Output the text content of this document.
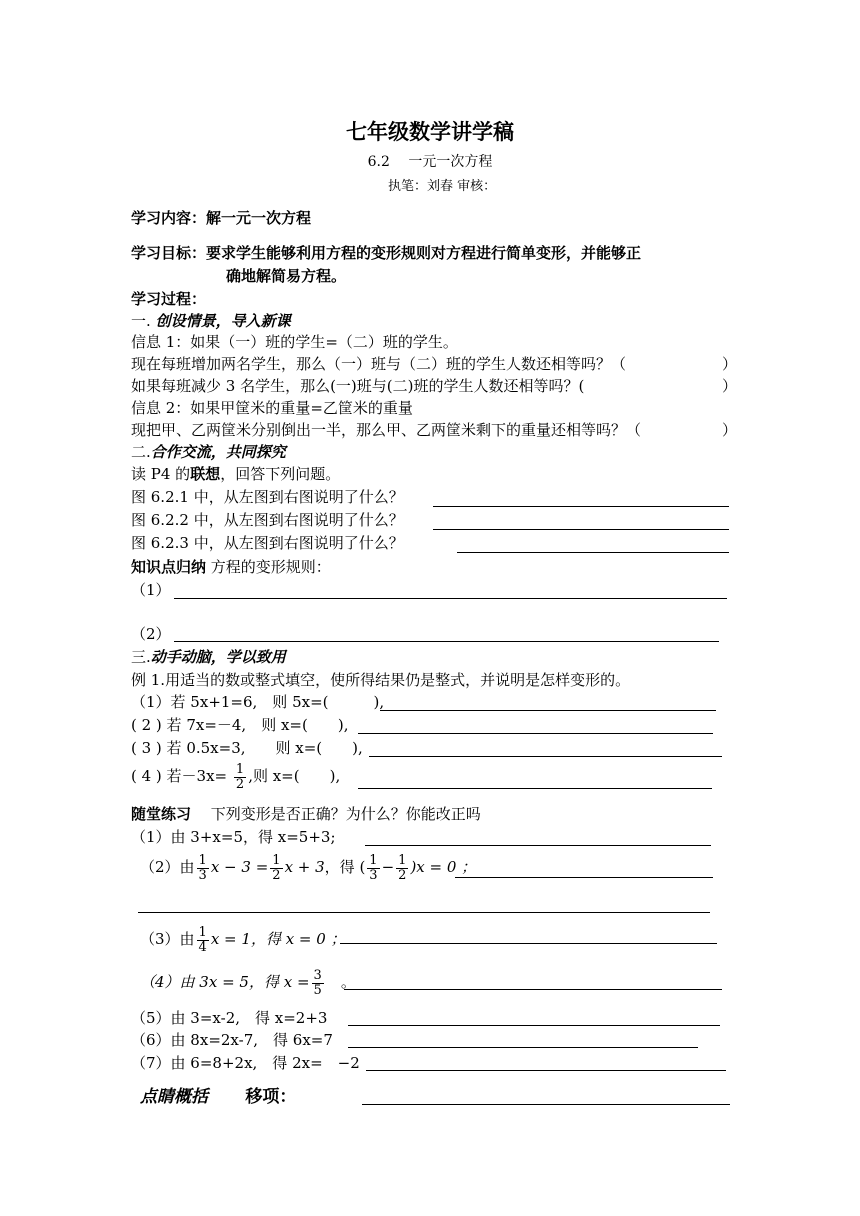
七年级数学讲学稿
6.2　 一元一次方程
执笔：刘春 审核：
学习内容：解一元一次方程
学习目标：要求学生能够利用方程的变形规则对方程进行简单变形，并能够正
确地解简易方程。
学习过程：
一. 创设情景，导入新课
信息 1：如果（一）班的学生=（二）班的学生。
现在每班增加两名学生，那么（一）班与（二）班的学生人数还相等吗？（	）
如果每班减少 3 名学生，那么(一)班与(二)班的学生人数还相等吗？(	）
信息 2：如果甲筐米的重量=乙筐米的重量
现把甲、乙两筐米分别倒出一半，那么甲、乙两筐米剩下的重量还相等吗？（	）
二.合作交流，共同探究
读 P4 的联想，回答下列问题。
图 6.2.1 中，从左图到右图说明了什么？
图 6.2.2 中，从左图到右图说明了什么？
图 6.2.3 中，从左图到右图说明了什么？
知识点归纳 方程的变形规则：
（1）
（2）
三.动手动脑，学以致用
例 1.用适当的数或整式填空，使所得结果仍是整式，并说明是怎样变形的。
（1）若 5x+1=6,　则 5x=(　　　),
( 2 ) 若 7x=－4,　则 x=(　　),
( 3 ) 若 0.5x=3,　　则 x=(　　),
( 4 ) 若$-3x= \frac{1}{2}$ ,则 x=(　　),
随堂练习　 下列变形是否正确？为什么？你能改正吗
（1）由 3+x=5，得 x=5+3;
（2）由 $\frac{1}{3}$ $x - 3 = \frac{1}{2}$ x + 3，得 ( $\frac{1}{3} - \frac{1}{2} )x = 0$ ；
（3）由 $\frac{1}{4}$ x = 1，得 x = 0 ；
（4）由 3x = 5，得 $x = \frac{3}{5}$
　 。
（5）由 3=x-2,　得 x=2+3
（6）由 8x=2x-7,　得 6x=7
（7）由 6=8+2x,　得 2x=　−2
点睛概括 移项：
